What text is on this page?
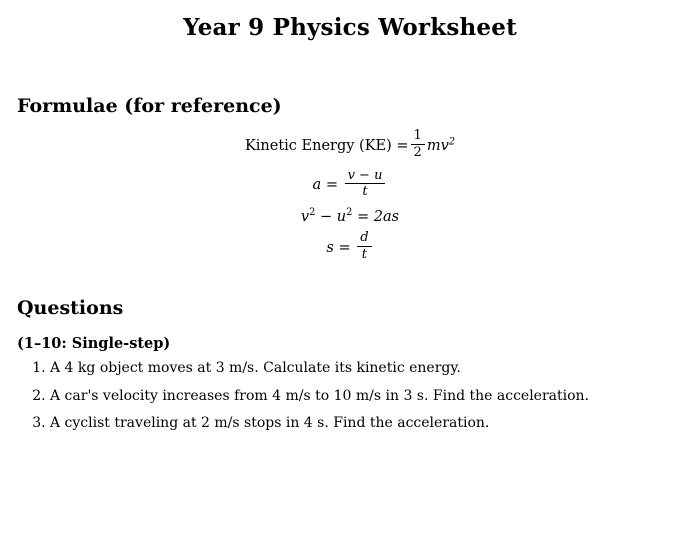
Year 9 Physics Worksheet
Formulae (for reference)
Kinetic Energy $(KE) = \frac{1}{2} mv^2$
$a = \frac{v - u}{t}$
$v^2 - u^2 = 2as$
$s = \frac{d}{t}$
Questions
(1–10: Single-step)
1. A 4 kg object moves at 3 m/s. Calculate its kinetic energy.
2. A car's velocity increases from 4 m/s to 10 m/s in 3 s. Find the acceleration.
3. A cyclist traveling at 2 m/s stops in 4 s. Find the acceleration.
